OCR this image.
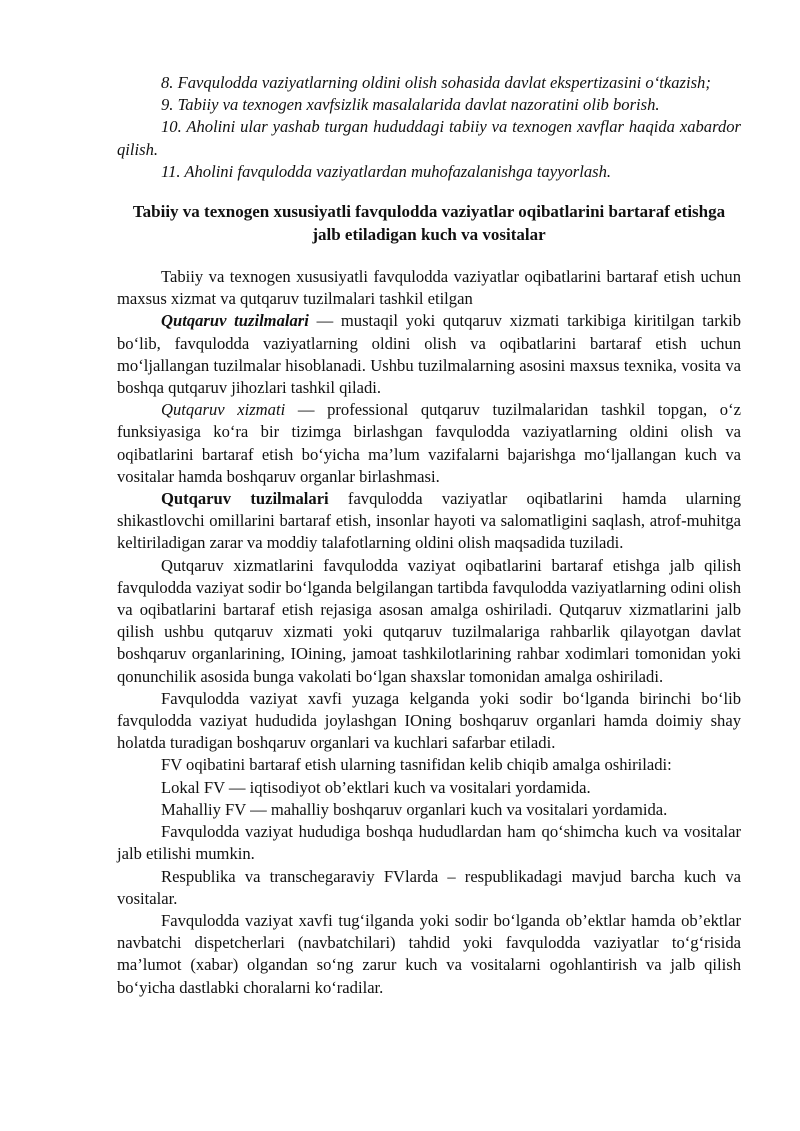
8. Favqulodda vaziyatlarning oldini olish sohasida davlat ekspertizasini o‘tkazish;

9. Tabiiy va texnogen xavfsizlik masalalarida davlat nazoratini olib borish.

10. Aholini ular yashab turgan hududdagi tabiiy va texnogen xavflar haqida xabardor qilish.

11. Aholini favqulodda vaziyatlardan muhofazalanishga tayyorlash.

Tabiiy va texnogen xususiyatli favqulodda vaziyatlar oqibatlarini bartaraf etishga jalb etiladigan kuch va vositalar

Tabiiy va texnogen xususiyatli favqulodda vaziyatlar oqibatlarini bartaraf etish uchun maxsus xizmat va qutqaruv tuzilmalari tashkil etilgan

Qutqaruv tuzilmalari — mustaqil yoki qutqaruv xizmati tarkibiga kiritilgan tarkib bo‘lib, favqulodda vaziyatlarning oldini olish va oqibatlarini bartaraf etish uchun mo‘ljallangan tuzilmalar hisoblanadi. Ushbu tuzilmalarning asosini maxsus texnika, vosita va boshqa qutqaruv jihozlari tashkil qiladi.

Qutqaruv xizmati — professional qutqaruv tuzilmalaridan tashkil topgan, o‘z funksiyasiga ko‘ra bir tizimga birlashgan favqulodda vaziyatlarning oldini olish va oqibatlarini bartaraf etish bo‘yicha ma’lum vazifalarni bajarishga mo‘ljallangan kuch va vositalar hamda boshqaruv organlar birlashmasi.

Qutqaruv tuzilmalari favqulodda vaziyatlar oqibatlarini hamda ularning shikastlovchi omillarini bartaraf etish, insonlar hayoti va salomatligini saqlash, atrof-muhitga keltiriladigan zarar va moddiy talafotlarning oldini olish maqsadida tuziladi.

Qutqaruv xizmatlarini favqulodda vaziyat oqibatlarini bartaraf etishga jalb qilish favqulodda vaziyat sodir bo‘lganda belgilangan tartibda favqulodda vaziyatlarning odini olish va oqibatlarini bartaraf etish rejasiga asosan amalga oshiriladi. Qutqaruv xizmatlarini jalb qilish ushbu qutqaruv xizmati yoki qutqaruv tuzilmalariga rahbarlik qilayotgan davlat boshqaruv organlarining, IOining, jamoat tashkilotlarining rahbar xodimlari tomonidan yoki qonunchilik asosida bunga vakolati bo‘lgan shaxslar tomonidan amalga oshiriladi.

Favqulodda vaziyat xavfi yuzaga kelganda yoki sodir bo‘lganda birinchi bo‘lib favqulodda vaziyat hududida joylashgan IOning boshqaruv organlari hamda doimiy shay holatda turadigan boshqaruv organlari va kuchlari safarbar etiladi.

FV oqibatini bartaraf etish ularning tasnifidan kelib chiqib amalga oshiriladi:

Lokal FV — iqtisodiyot ob’ektlari kuch va vositalari yordamida.

Mahalliy FV — mahalliy boshqaruv organlari kuch va vositalari yordamida.

Favqulodda vaziyat hududiga boshqa hududlardan ham qo‘shimcha kuch va vositalar jalb etilishi mumkin.

Respublika va transchegaraviy FVlarda – respublikadagi mavjud barcha kuch va vositalar.

Favqulodda vaziyat xavfi tug‘ilganda yoki sodir bo‘lganda ob’ektlar hamda ob’ektlar navbatchi dispetcherlari (navbatchilari) tahdid yoki favqulodda vaziyatlar to‘g‘risida ma’lumot (xabar) olgandan so‘ng zarur kuch va vositalarni ogohlantirish va jalb qilish bo‘yicha dastlabki choralarni ko‘radilar.
